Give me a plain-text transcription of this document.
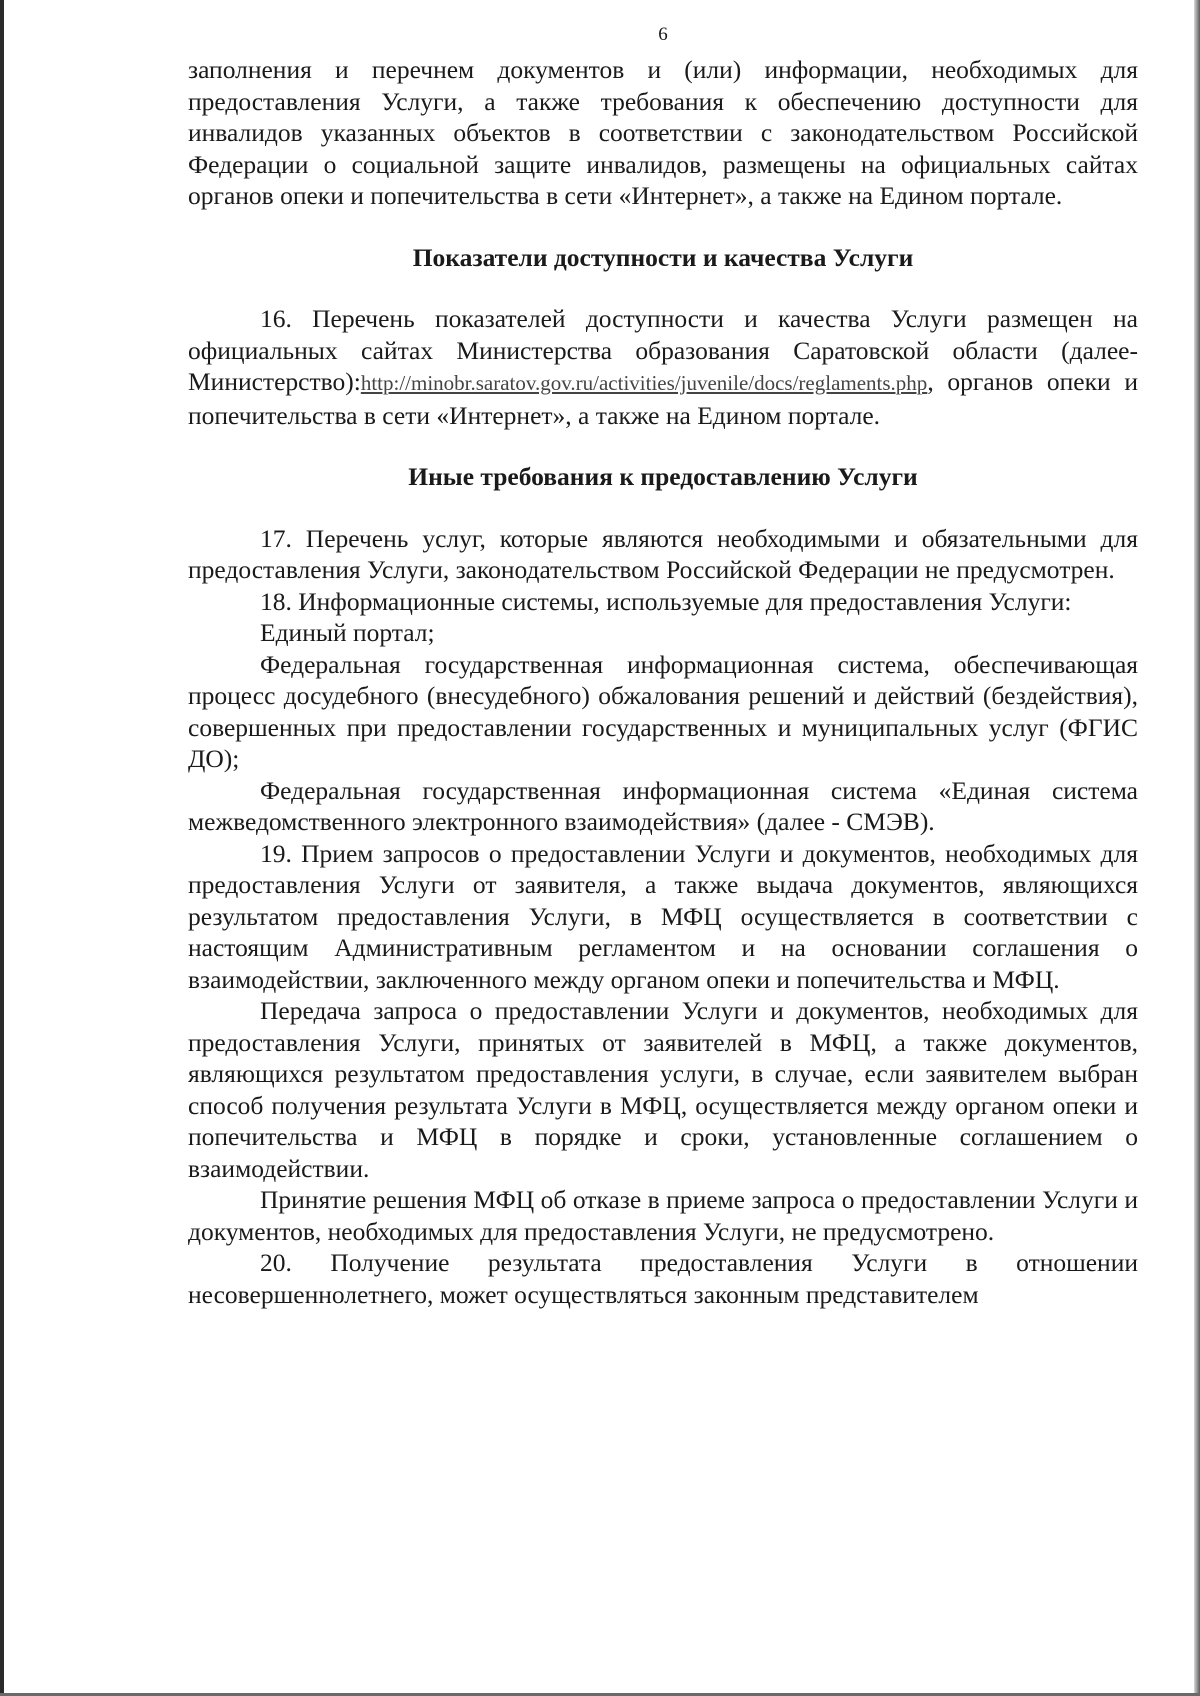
6

заполнения и перечнем документов и (или) информации, необходимых для предоставления Услуги, а также требования к обеспечению доступности для инвалидов указанных объектов в соответствии с законодательством Российской Федерации о социальной защите инвалидов, размещены на официальных сайтах органов опеки и попечительства в сети «Интернет», а также на Едином портале.

Показатели доступности и качества Услуги

16. Перечень показателей доступности и качества Услуги размещен на официальных сайтах Министерства образования Саратовской области (далее- Министерство):http://minobr.saratov.gov.ru/activities/juvenile/docs/reglaments.php, органов опеки и попечительства в сети «Интернет», а также на Едином портале.

Иные требования к предоставлению Услуги

17. Перечень услуг, которые являются необходимыми и обязательными для предоставления Услуги, законодательством Российской Федерации не предусмотрен.

18. Информационные системы, используемые для предоставления Услуги:

Единый портал;

Федеральная государственная информационная система, обеспечивающая процесс досудебного (внесудебного) обжалования решений и действий (бездействия), совершенных при предоставлении государственных и муниципальных услуг (ФГИС ДО);

Федеральная государственная информационная система «Единая система межведомственного электронного взаимодействия» (далее - СМЭВ).

19. Прием запросов о предоставлении Услуги и документов, необходимых для предоставления Услуги от заявителя, а также выдача документов, являющихся результатом предоставления Услуги, в МФЦ осуществляется в соответствии с настоящим Административным регламентом и на основании соглашения о взаимодействии, заключенного между органом опеки и попечительства и МФЦ.

Передача запроса о предоставлении Услуги и документов, необходимых для предоставления Услуги, принятых от заявителей в МФЦ, а также документов, являющихся результатом предоставления услуги, в случае, если заявителем выбран способ получения результата Услуги в МФЦ, осуществляется между органом опеки и попечительства и МФЦ в порядке и сроки, установленные соглашением о взаимодействии.

Принятие решения МФЦ об отказе в приеме запроса о предоставлении Услуги и документов, необходимых для предоставления Услуги, не предусмотрено.

20. Получение результата предоставления Услуги в отношении несовершеннолетнего, может осуществляться законным представителем
